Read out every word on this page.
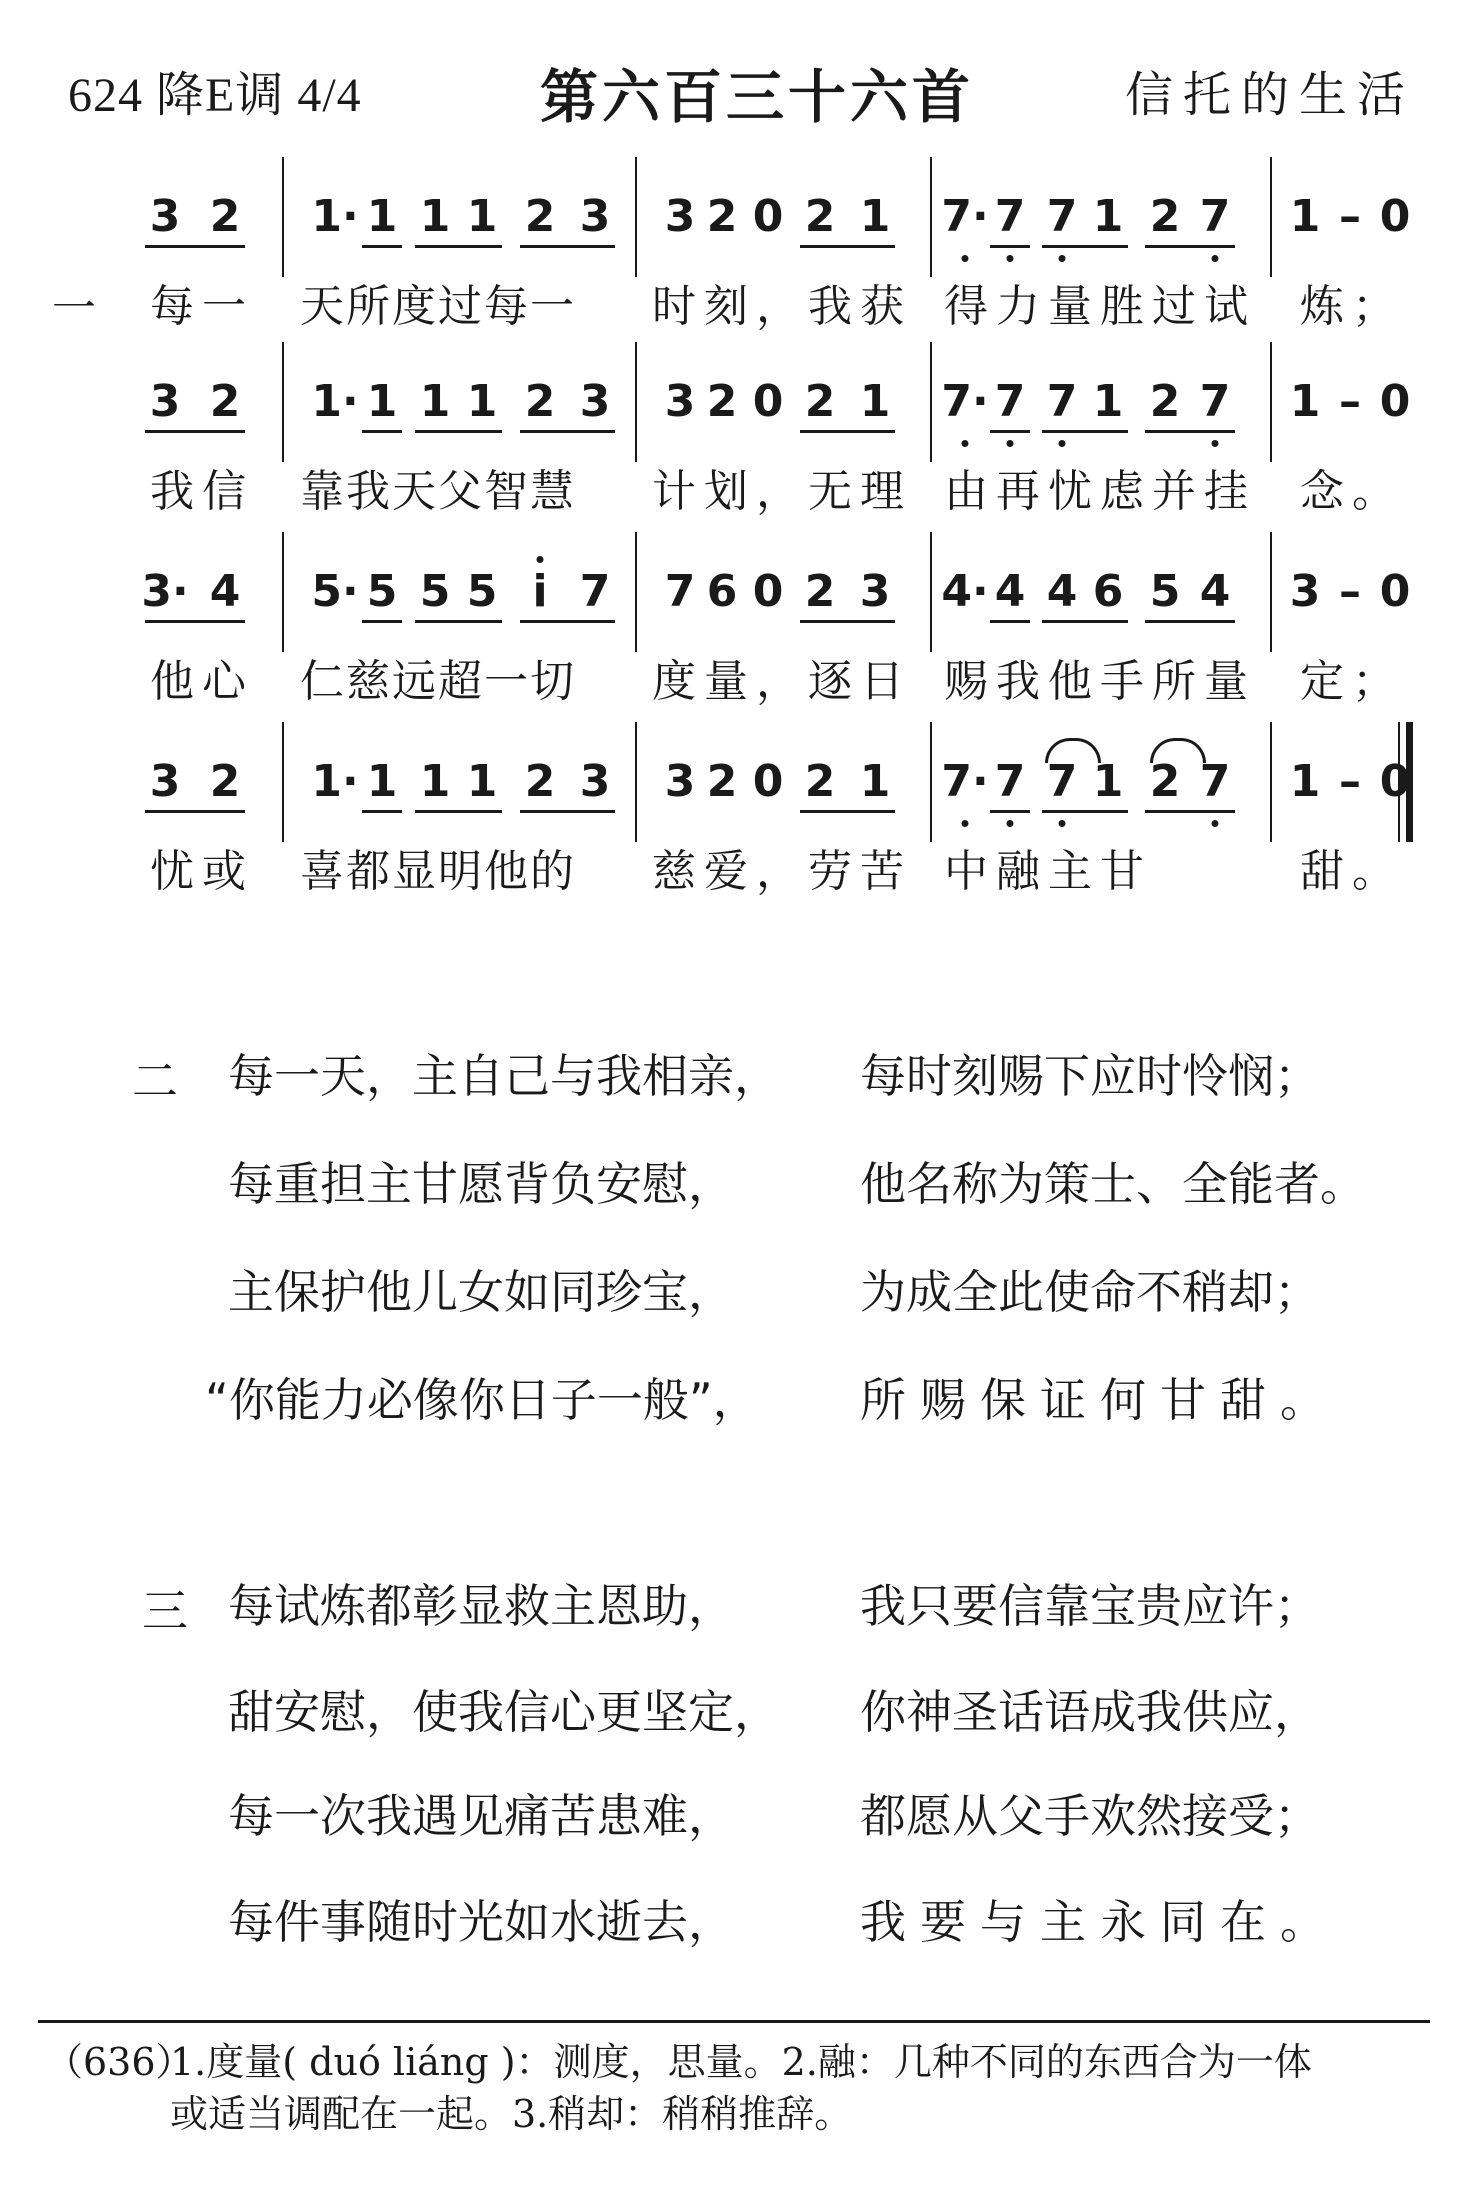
624 降E调 4/4	第六百三十六首	信托的生活
一
3 2 1· 1 1 1 2 3 3 2 0 2 1 7· 7 7 1 2 7 1 – 0
每一 天所度过每一 时刻，我获 得力量胜过试 炼；
3 2 1· 1 1 1 2 3 3 2 0 2 1 7· 7 7 1 2 7 1 – 0
我信 靠我天父智慧 计划，无理 由再忧虑并挂 念。
3· 4 5· 5 5 5 i 7 7 6 0 2 3 4· 4 4 6 5 4 3 – 0
他心 仁慈远超一切 度量，逐日 赐我他手所量 定；
3 2 1· 1 1 1 2 3 3 2 0 2 1 7· 7 7 1 2 7 1 – 0
忧或 喜都显明他的 慈爱，劳苦 中融主甘	甜。
二 每一天，主自己与我相亲， 每时刻赐下应时怜悯；
每重担主甘愿背负安慰，	他名称为策士、全能者。
主保护他儿女如同珍宝，	为成全此使命不稍却；
“你能力必像你日子一般”， 所赐保证何甘甜。
三 每试炼都彰显救主恩助，	我只要信靠宝贵应许；
甜安慰，使我信心更坚定， 你神圣话语成我供应，
每一次我遇见痛苦患难，	都愿从父手欢然接受；
每件事随时光如水逝去，	我要与主永同在。
（636）
1.度量( duó liáng )：测度，思量。2.融：几种不同的东西合为一体
或适当调配在一起。3.稍却：稍稍推辞。
